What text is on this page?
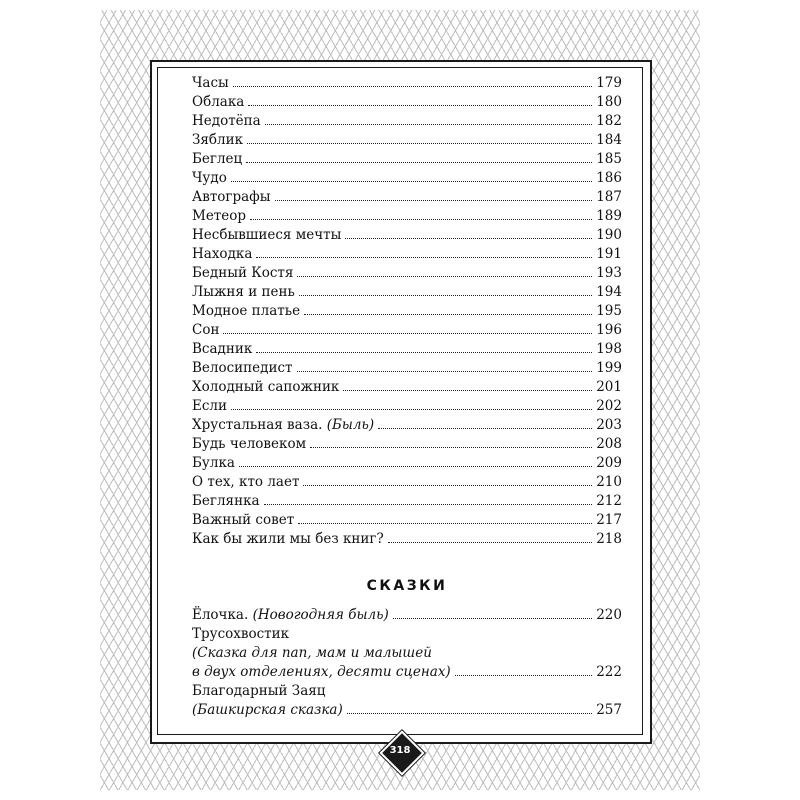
Часы	179
Облака	180
Недотёпа	182
Зяблик	184
Беглец	185
Чудо	186
Автографы	187
Метеор	189
Несбывшиеся мечты	190
Находка	191
Бедный Костя	193
Лыжня и пень	194
Модное платье	195
Сон	196
Всадник	198
Велосипедист	199
Холодный сапожник	201
Если	202
Хрустальная ваза. (Быль)	203
Будь человеком	208
Булка	209
О тех, кто лает	210
Беглянка	212
Важный совет	217
Как бы жили мы без книг?	218
СКАЗКИ
Ёлочка. (Новогодняя быль)	220
Трусохвостик
(Сказка для пап, мам и малышей
в двух отделениях, десяти сценах)	222
Благодарный Заяц
(Башкирская сказка)	257
318
